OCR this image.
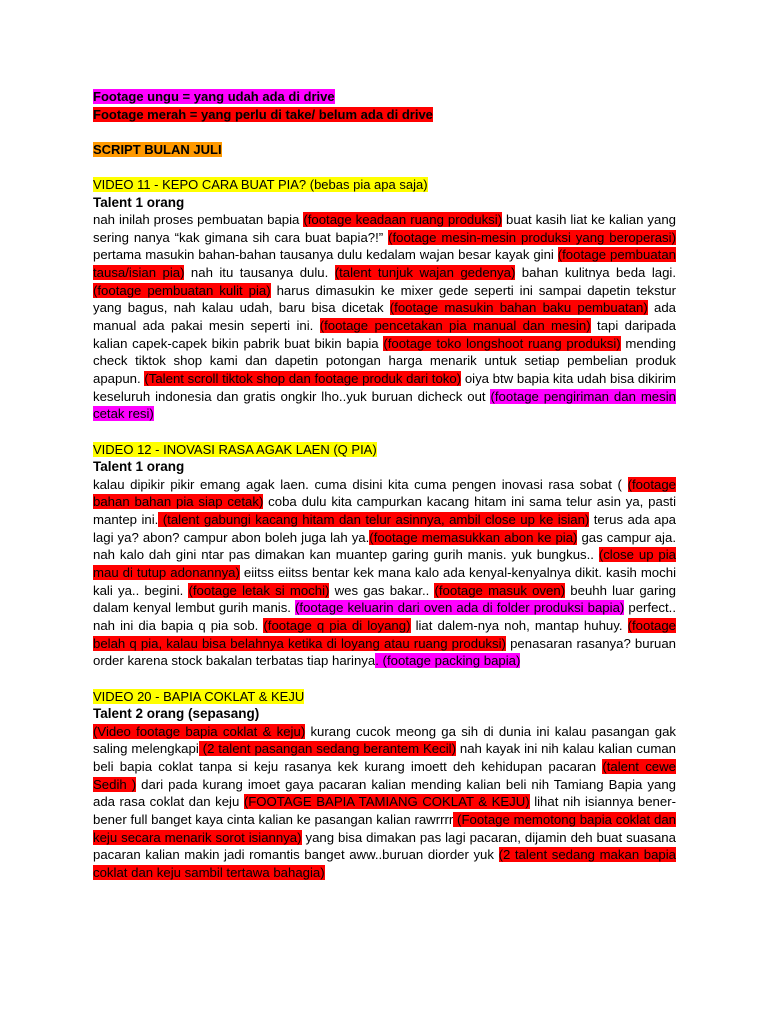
Footage ungu = yang udah ada di drive
Footage merah = yang perlu di take/ belum ada di drive
SCRIPT BULAN JULI
VIDEO 11 - KEPO CARA BUAT PIA? (bebas pia apa saja)
Talent 1 orang
nah inilah proses pembuatan bapia (footage keadaan ruang produksi) buat kasih liat ke kalian yang sering nanya “kak gimana sih cara buat bapia?!” (footage mesin-mesin produksi yang beroperasi) pertama masukin bahan-bahan tausanya dulu kedalam wajan besar kayak gini (footage pembuatan tausa/isian pia) nah itu tausanya dulu. (talent tunjuk wajan gedenya) bahan kulitnya beda lagi. (footage pembuatan kulit pia) harus dimasukin ke mixer gede seperti ini sampai dapetin tekstur yang bagus, nah kalau udah, baru bisa dicetak (footage masukin bahan baku pembuatan) ada manual ada pakai mesin seperti ini. (footage pencetakan pia manual dan mesin) tapi daripada kalian capek-capek bikin pabrik buat bikin bapia (footage toko longshoot ruang produksi) mending check tiktok shop kami dan dapetin potongan harga menarik untuk setiap pembelian produk apapun. (Talent scroll tiktok shop dan footage produk dari toko) oiya btw bapia kita udah bisa dikirim keseluruh indonesia dan gratis ongkir lho..yuk buruan dicheck out (footage pengiriman dan mesin cetak resi)
VIDEO 12 - INOVASI RASA AGAK LAEN (Q PIA)
Talent 1 orang
kalau dipikir pikir emang agak laen. cuma disini kita cuma pengen inovasi rasa sobat ( (footage bahan bahan pia siap cetak) coba dulu kita campurkan kacang hitam ini sama telur asin ya, pasti mantep ini. (talent gabungi kacang hitam dan telur asinnya, ambil close up ke isian) terus ada apa lagi ya? abon? campur abon boleh juga lah ya.(footage memasukkan abon ke pia) gas campur aja. nah kalo dah gini ntar pas dimakan kan muantep garing gurih manis. yuk bungkus.. (close up pia mau di tutup adonannya) eiitss eiitss bentar kek mana kalo ada kenyal-kenyalnya dikit. kasih mochi kali ya.. begini. (footage letak si mochi) wes gas bakar.. (footage masuk oven) beuhh luar garing dalam kenyal lembut gurih manis. (footage keluarin dari oven ada di folder produksi bapia) perfect.. nah ini dia bapia q pia sob. (footage q pia di loyang) liat dalem-nya noh, mantap huhuy. (footage belah q pia, kalau bisa belahnya ketika di loyang atau ruang produksi) penasaran rasanya? buruan order karena stock bakalan terbatas tiap harinya. (footage packing bapia)
VIDEO 20 - BAPIA COKLAT & KEJU
Talent 2 orang (sepasang)
(Video footage bapia coklat & keju) kurang cucok meong ga sih di dunia ini kalau pasangan gak saling melengkapi (2 talent pasangan sedang berantem Kecil) nah kayak ini nih kalau kalian cuman beli bapia coklat tanpa si keju rasanya kek kurang imoett deh kehidupan pacaran (talent cewe Sedih ) dari pada kurang imoet gaya pacaran kalian mending kalian beli nih Tamiang Bapia yang ada rasa coklat dan keju (FOOTAGE BAPIA TAMIANG COKLAT & KEJU) lihat nih isiannya bener-bener full banget kaya cinta kalian ke pasangan kalian rawrrrr (Footage memotong bapia coklat dan keju secara menarik sorot isiannya) yang bisa dimakan pas lagi pacaran, dijamin deh buat suasana pacaran kalian makin jadi romantis banget aww..buruan diorder yuk (2 talent sedang makan bapia coklat dan keju sambil tertawa bahagia)
